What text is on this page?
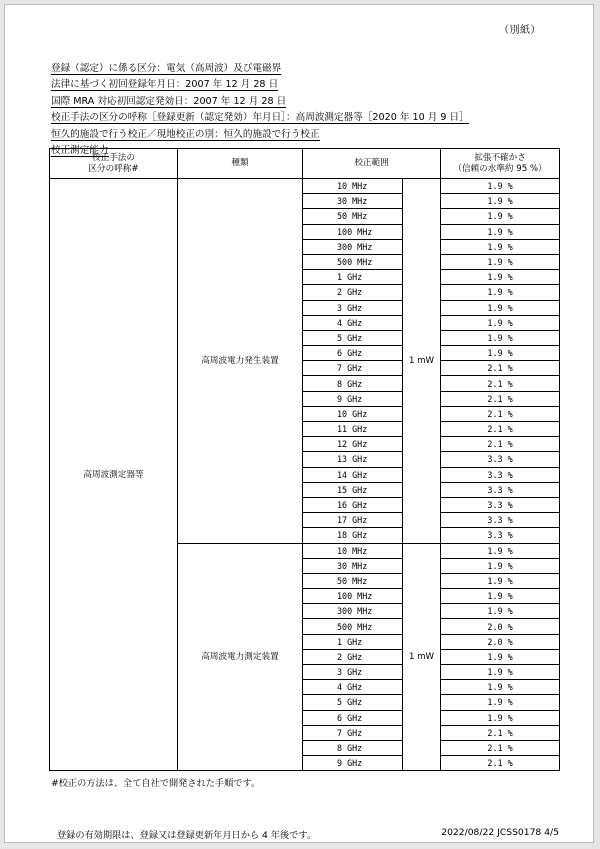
（別紙）
登録（認定）に係る区分：電気（高周波）及び電磁界
法律に基づく初回登録年月日：2007 年 12 月 28 日
国際 MRA 対応初回認定発効日：2007 年 12 月 28 日
校正手法の区分の呼称［登録更新（認定発効）年月日］：高周波測定器等［2020 年 10 月 9 日］
恒久的施設で行う校正／現地校正の別：恒久的施設で行う校正
校正測定能力
校正手法の
区分の呼称#	種類	校正範囲		拡張不確かさ
（信頼の水準約 95 %）
高周波測定器等	高周波電力発生装置	10 MHz	1 mW	1.9 %
		30 MHz		1.9 %
		50 MHz		1.9 %
		100 MHz		1.9 %
		300 MHz		1.9 %
		500 MHz		1.9 %
		1 GHz		1.9 %
		2 GHz		1.9 %
		3 GHz		1.9 %
		4 GHz		1.9 %
		5 GHz		1.9 %
		6 GHz		1.9 %
		7 GHz		2.1 %
		8 GHz		2.1 %
		9 GHz		2.1 %
		10 GHz		2.1 %
		11 GHz		2.1 %
		12 GHz		2.1 %
		13 GHz		3.3 %
		14 GHz		3.3 %
		15 GHz		3.3 %
		16 GHz		3.3 %
		17 GHz		3.3 %
		18 GHz		3.3 %
	高周波電力測定装置	10 MHz	1 mW	1.9 %
		30 MHz		1.9 %
		50 MHz		1.9 %
		100 MHz		1.9 %
		300 MHz		1.9 %
		500 MHz		2.0 %
		1 GHz		2.0 %
		2 GHz		1.9 %
		3 GHz		1.9 %
		4 GHz		1.9 %
		5 GHz		1.9 %
		6 GHz		1.9 %
		7 GHz		2.1 %
		8 GHz		2.1 %
		9 GHz		2.1 %
#校正の方法は、全て自社で開発された手順です。
登録の有効期限は、登録又は登録更新年月日から 4 年後です。	2022/08/22 JCSS0178 4/5
